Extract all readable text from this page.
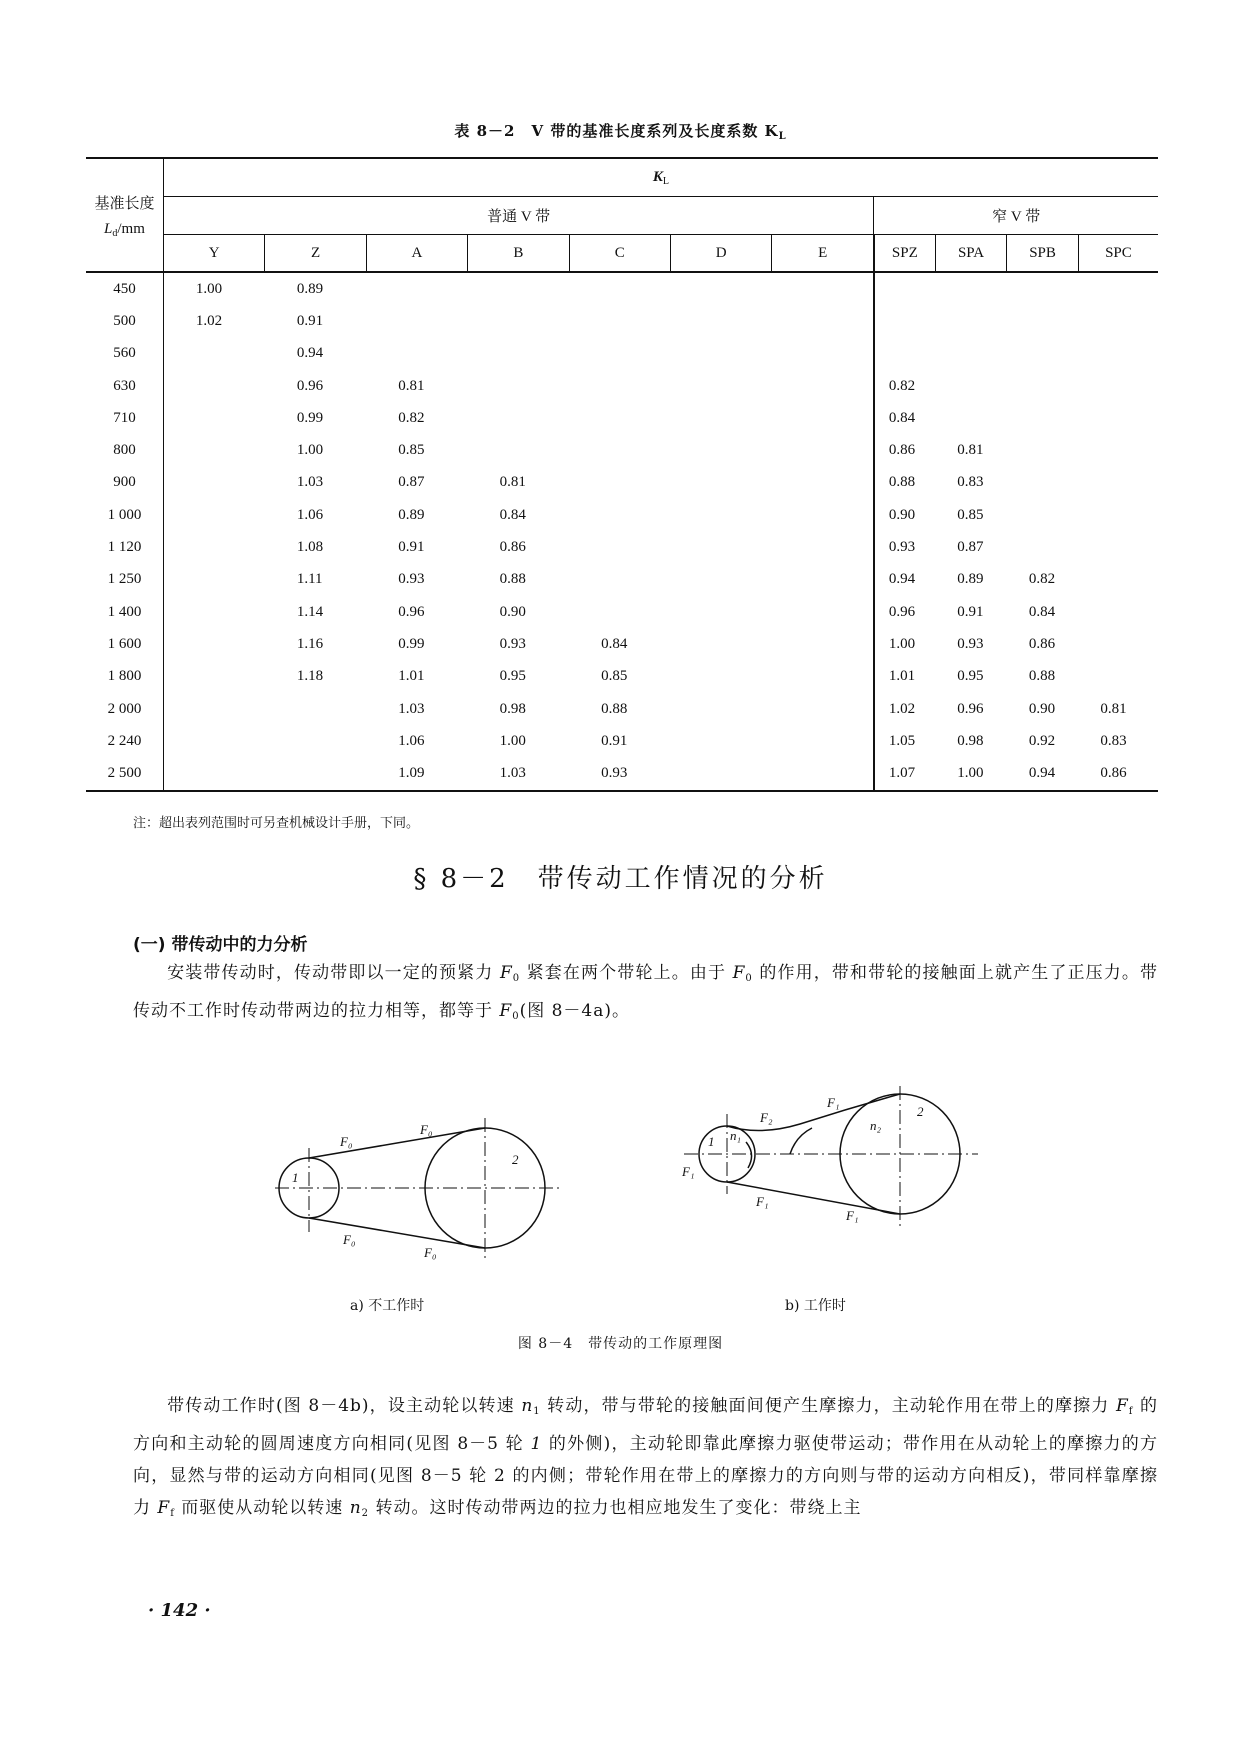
表 8－2　V 带的基准长度系列及长度系数 $K_L$
基准长度
$L_d/mm$	$K_L$
	普通 V 带							窄 V 带			
	Y	Z	A	B	C	D	E	SPZ	SPA	SPB	SPC
450	1.00	0.89									
500	1.02	0.91									
560		0.94									
630		0.96	0.81					0.82			
710		0.99	0.82					0.84			
800		1.00	0.85					0.86	0.81		
900		1.03	0.87	0.81				0.88	0.83		
1 000		1.06	0.89	0.84				0.90	0.85		
1 120		1.08	0.91	0.86				0.93	0.87		
1 250		1.11	0.93	0.88				0.94	0.89	0.82	
1 400		1.14	0.96	0.90				0.96	0.91	0.84	
1 600		1.16	0.99	0.93	0.84			1.00	0.93	0.86	
1 800		1.18	1.01	0.95	0.85			1.01	0.95	0.88	
2 000			1.03	0.98	0.88			1.02	0.96	0.90	0.81
2 240			1.06	1.00	0.91			1.05	0.98	0.92	0.83
2 500			1.09	1.03	0.93			1.07	1.00	0.94	0.86
注：超出表列范围时可另查机械设计手册，下同。
§ 8－2　带传动工作情况的分析
(一) 带传动中的力分析
安装带传动时，传动带即以一定的预紧力 $F_0$ 紧套在两个带轮上。由于 $F_0$ 的作用，带和带轮的接触面上就产生了正压力。带传动不工作时传动带两边的拉力相等，都等于 $F_0$(图 8－4a)。
F₀
F₀
F₀
F₀
1
2
F₂
F₁
F₁
F₁
F₁
n₁
n₂
1
2
a) 不工作时	b) 工作时
图 8－4　带传动的工作原理图
带传动工作时(图 8－4b)，设主动轮以转速 $n_1$ 转动，带与带轮的接触面间便产生摩擦力，主动轮作用在带上的摩擦力 $F_f$ 的方向和主动轮的圆周速度方向相同(见图 8－5 轮 1 的外侧)，主动轮即靠此摩擦力驱使带运动；带作用在从动轮上的摩擦力的方向，显然与带的运动方向相同(见图 8－5 轮 2 的内侧；带轮作用在带上的摩擦力的方向则与带的运动方向相反)，带同样靠摩擦力 $F_f$ 而驱使从动轮以转速 $n_2$ 转动。这时传动带两边的拉力也相应地发生了变化：带绕上主
· 142 ·
